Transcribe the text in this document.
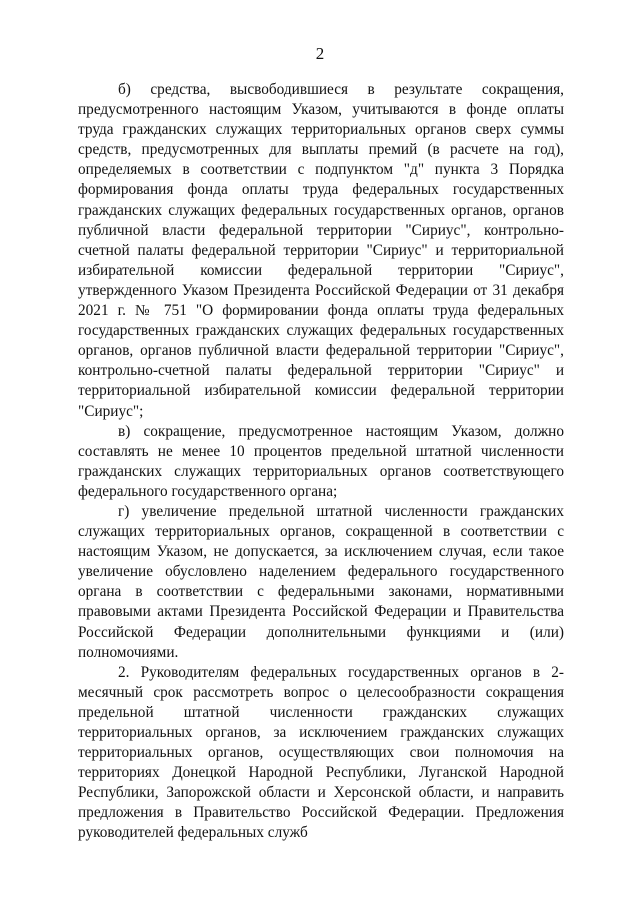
2

б) средства, высвободившиеся в результате сокращения, предусмотренного настоящим Указом, учитываются в фонде оплаты труда гражданских служащих территориальных органов сверх суммы средств, предусмотренных для выплаты премий (в расчете на год), определяемых в соответствии с подпунктом "д" пункта 3 Порядка формирования фонда оплаты труда федеральных государственных гражданских служащих федеральных государственных органов, органов публичной власти федеральной территории "Сириус", контрольно-счетной палаты федеральной территории "Сириус" и территориальной избирательной комиссии федеральной территории "Сириус", утвержденного Указом Президента Российской Федерации от 31 декабря 2021 г. № 751 "О формировании фонда оплаты труда федеральных государственных гражданских служащих федеральных государственных органов, органов публичной власти федеральной территории "Сириус", контрольно-счетной палаты федеральной территории "Сириус" и территориальной избирательной комиссии федеральной территории "Сириус";

в) сокращение, предусмотренное настоящим Указом, должно составлять не менее 10 процентов предельной штатной численности гражданских служащих территориальных органов соответствующего федерального государственного органа;

г) увеличение предельной штатной численности гражданских служащих территориальных органов, сокращенной в соответствии с настоящим Указом, не допускается, за исключением случая, если такое увеличение обусловлено наделением федерального государственного органа в соответствии с федеральными законами, нормативными правовыми актами Президента Российской Федерации и Правительства Российской Федерации дополнительными функциями и (или) полномочиями.

2. Руководителям федеральных государственных органов в 2-месячный срок рассмотреть вопрос о целесообразности сокращения предельной штатной численности гражданских служащих территориальных органов, за исключением гражданских служащих территориальных органов, осуществляющих свои полномочия на территориях Донецкой Народной Республики, Луганской Народной Республики, Запорожской области и Херсонской области, и направить предложения в Правительство Российской Федерации. Предложения руководителей федеральных служб
